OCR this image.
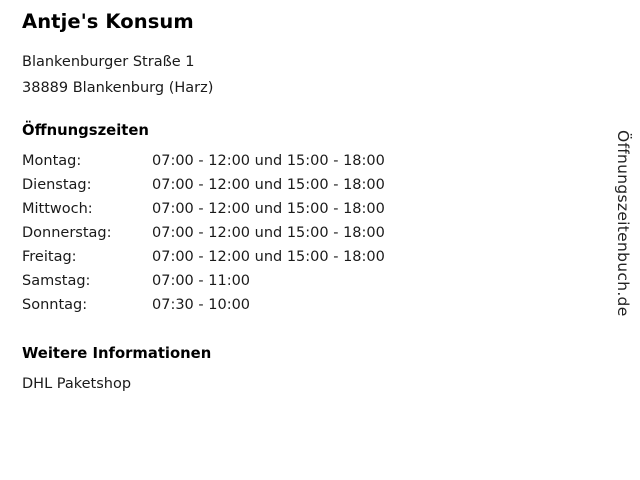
Antje's Konsum

Blankenburger Straße 1

38889 Blankenburg (Harz)

Öffnungszeiten
Montag:	07:00 - 12:00 und 15:00 - 18:00
Dienstag:	07:00 - 12:00 und 15:00 - 18:00
Mittwoch:	07:00 - 12:00 und 15:00 - 18:00
Donnerstag:	07:00 - 12:00 und 15:00 - 18:00
Freitag:	07:00 - 12:00 und 15:00 - 18:00
Samstag:	07:00 - 11:00
Sonntag:	07:30 - 10:00
Weitere Informationen

DHL Paketshop

Öffnungszeitenbuch.de
